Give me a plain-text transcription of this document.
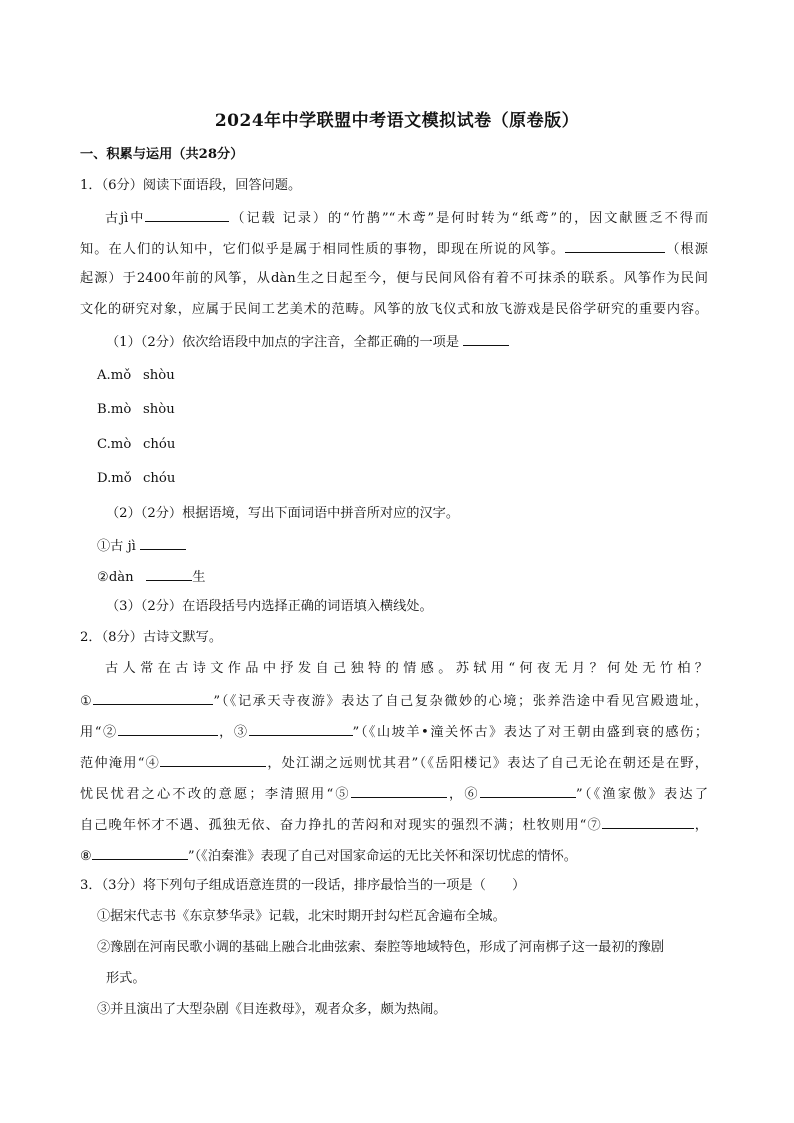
2024年中学联盟中考语文模拟试卷（原卷版）
一、积累与运用（共28分）
1．（6分）阅读下面语段，回答问题。
古jì中	（记载 记录）的“竹鹊”“木鸢”是何时转为“纸鸢”的，因文献匮乏不得而
知。在人们的认知中，它们似乎是属于相同性质的事物，即现在所说的风筝。	（根源
起源）于2400年前的风筝，从dàn生之日起至今，便与民间风俗有着不可抹杀的联系。风筝作为民间
文化的研究对象，应属于民间工艺美术的范畴。风筝的放飞仪式和放飞游戏是民俗学研究的重要内容。
（1）（2分）依次给语段中加点的字注音，全都正确的一项是
A.mǒ shòu
B.mò shòu
C.mò chóu
D.mǒ chóu
（2）（2分）根据语境，写出下面词语中拼音所对应的汉字。
①古 jì
②dàn	生
（3）（2分）在语段括号内选择正确的词语填入横线处。
2．（8分）古诗文默写。
古人常在古诗文作品中抒发自己独特的情感。苏轼用“何夜无月？何处无竹柏？
①	”（《记承天寺夜游》表达了自己复杂微妙的心境；张养浩途中看见宫殿遗址，
用“②	，③	”（《山坡羊•潼关怀古》表达了对王朝由盛到衰的感伤；
范仲淹用“④	，处江湖之远则忧其君”（《岳阳楼记》表达了自己无论在朝还是在野，
忧民忧君之心不改的意愿；李清照用“⑤	，⑥	”（《渔家傲》表达了
自己晚年怀才不遇、孤独无依、奋力挣扎的苦闷和对现实的强烈不满；杜牧则用“⑦	，
⑧	”（《泊秦淮》表现了自己对国家命运的无比关怀和深切忧虑的情怀。
3．（3分）将下列句子组成语意连贯的一段话，排序最恰当的一项是（　　）
①据宋代志书《东京梦华录》记载，北宋时期开封勾栏瓦舍遍布全城。
②豫剧在河南民歌小调的基础上融合北曲弦索、秦腔等地域特色，形成了河南梆子这一最初的豫剧
形式。
③并且演出了大型杂剧《目连救母》，观者众多，颇为热闹。
